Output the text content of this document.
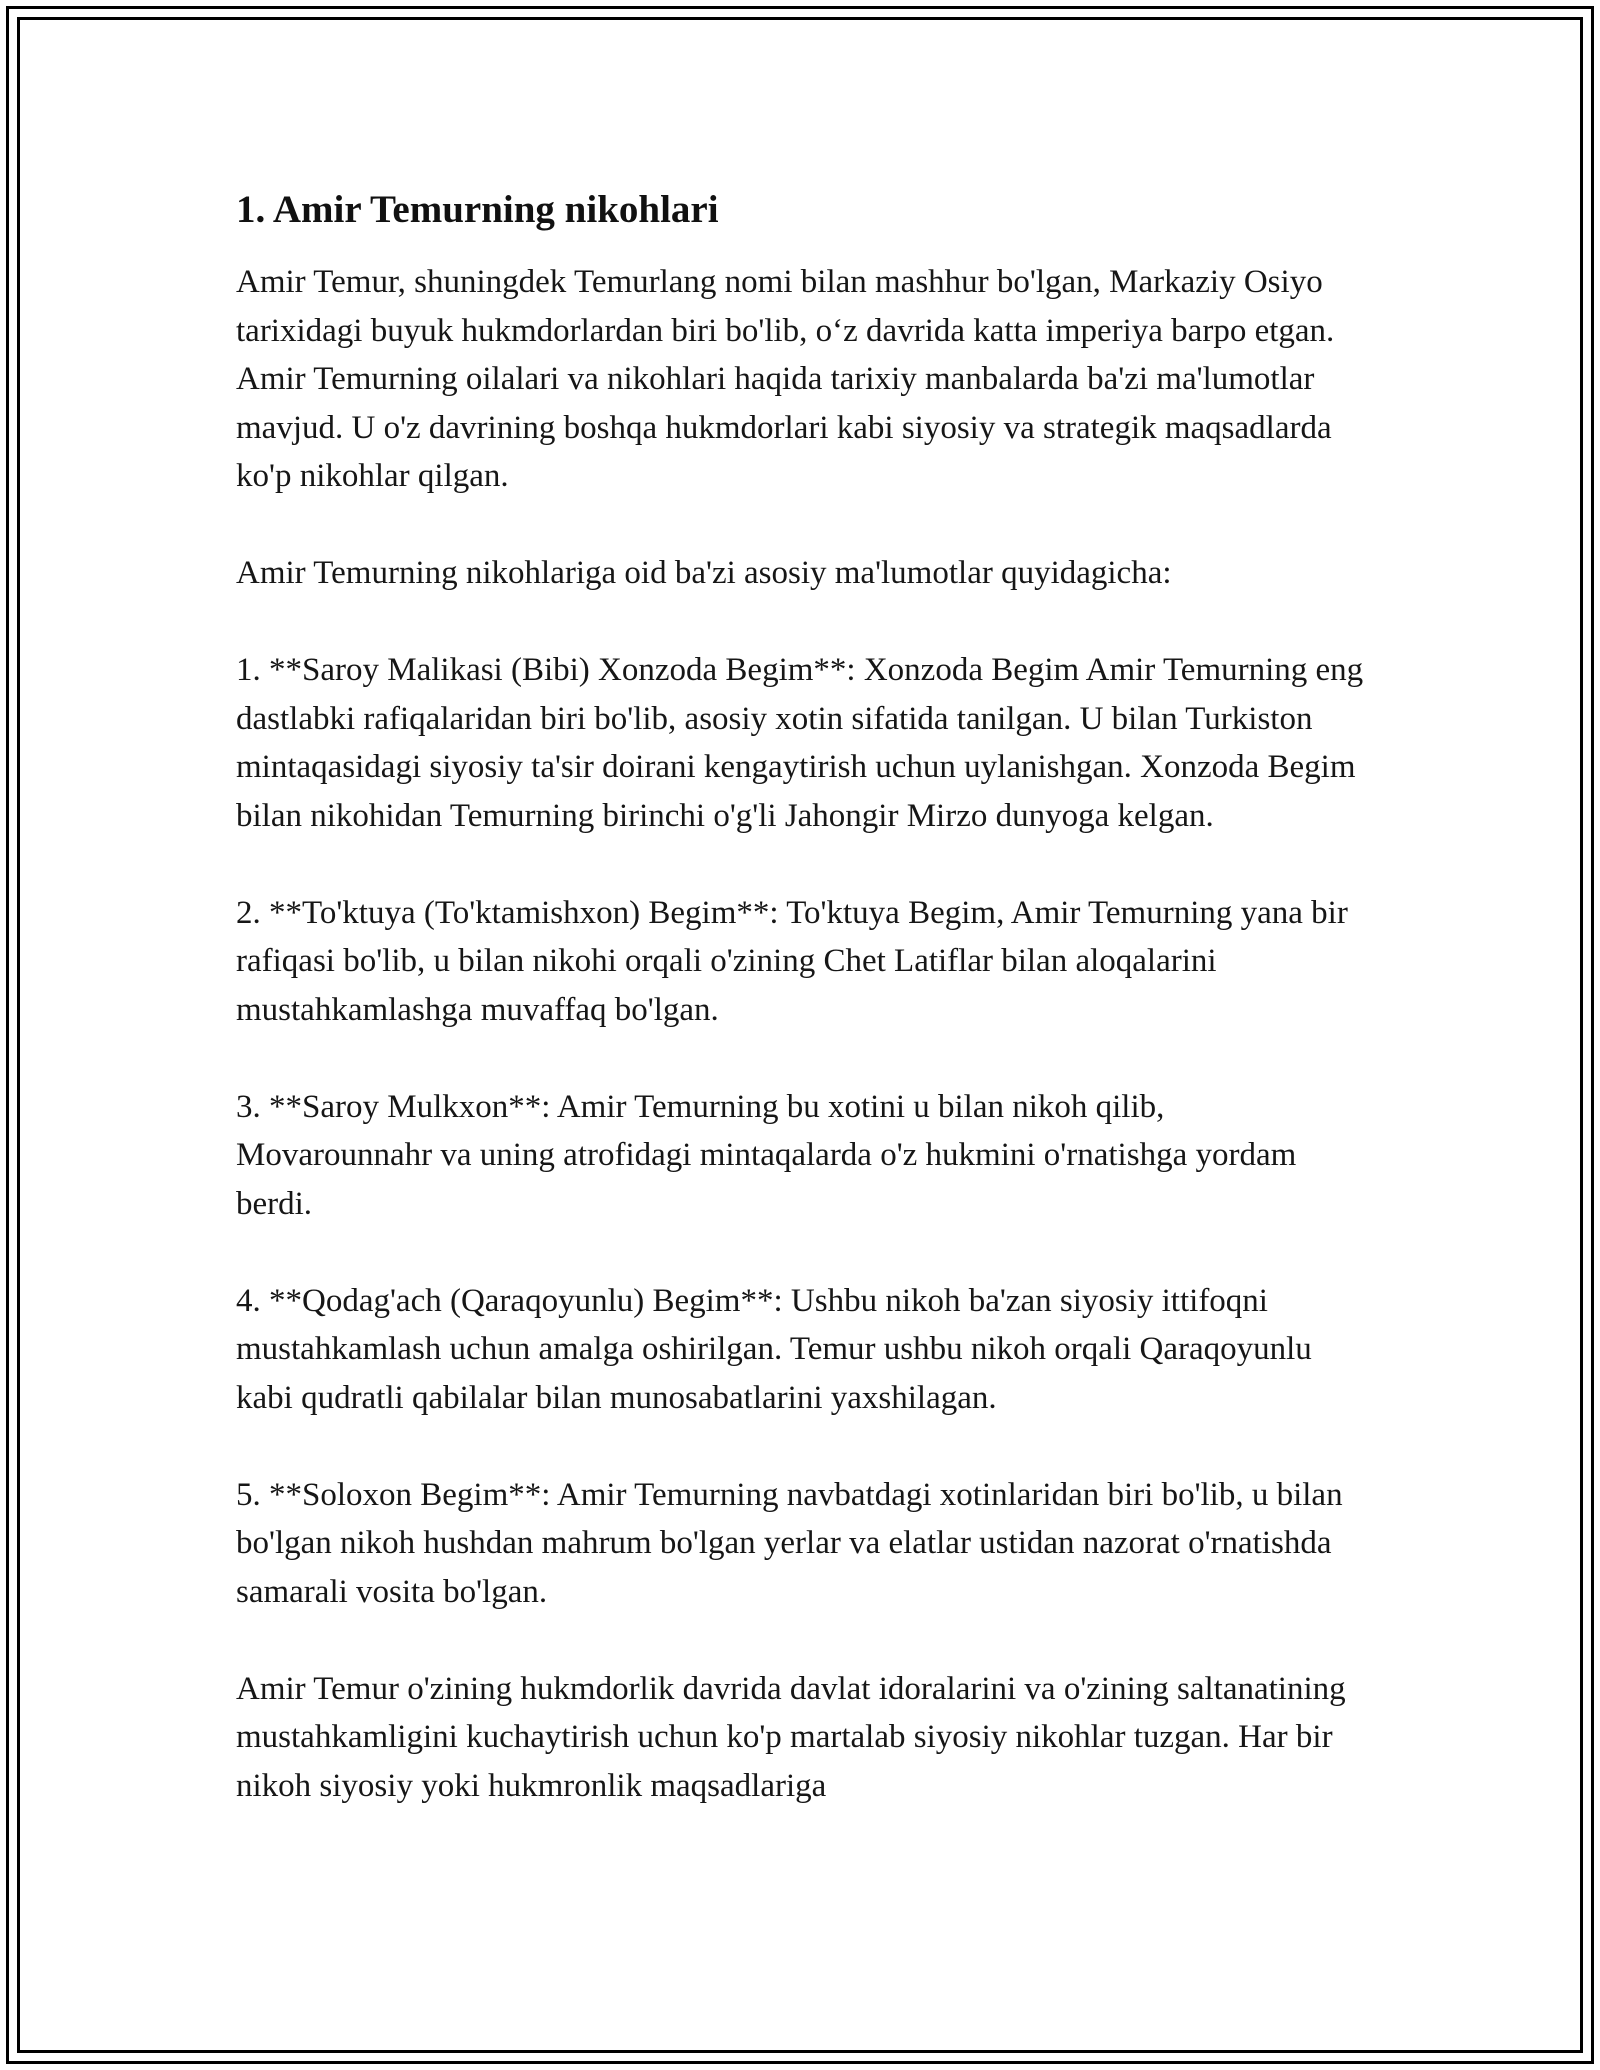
1. Amir Temurning nikohlari

Amir Temur, shuningdek Temurlang nomi bilan mashhur bo'lgan, Markaziy Osiyo tarixidagi buyuk hukmdorlardan biri bo'lib, o‘z davrida katta imperiya barpo etgan. Amir Temurning oilalari va nikohlari haqida tarixiy manbalarda ba'zi ma'lumotlar mavjud. U o'z davrining boshqa hukmdorlari kabi siyosiy va strategik maqsadlarda ko'p nikohlar qilgan.

Amir Temurning nikohlariga oid ba'zi asosiy ma'lumotlar quyidagicha:

1. **Saroy Malikasi (Bibi) Xonzoda Begim**: Xonzoda Begim Amir Temurning eng dastlabki rafiqalaridan biri bo'lib, asosiy xotin sifatida tanilgan. U bilan Turkiston mintaqasidagi siyosiy ta'sir doirani kengaytirish uchun uylanishgan. Xonzoda Begim bilan nikohidan Temurning birinchi o'g'li Jahongir Mirzo dunyoga kelgan.

2. **To'ktuya (To'ktamishxon) Begim**: To'ktuya Begim, Amir Temurning yana bir rafiqasi bo'lib, u bilan nikohi orqali o'zining Chet Latiflar bilan aloqalarini mustahkamlashga muvaffaq bo'lgan.

3. **Saroy Mulkxon**: Amir Temurning bu xotini u bilan nikoh qilib, Movarounnahr va uning atrofidagi mintaqalarda o'z hukmini o'rnatishga yordam berdi.

4. **Qodag'ach (Qaraqoyunlu) Begim**: Ushbu nikoh ba'zan siyosiy ittifoqni mustahkamlash uchun amalga oshirilgan. Temur ushbu nikoh orqali Qaraqoyunlu kabi qudratli qabilalar bilan munosabatlarini yaxshilagan.

5. **Soloxon Begim**: Amir Temurning navbatdagi xotinlaridan biri bo'lib, u bilan bo'lgan nikoh hushdan mahrum bo'lgan yerlar va elatlar ustidan nazorat o'rnatishda samarali vosita bo'lgan.

Amir Temur o'zining hukmdorlik davrida davlat idoralarini va o'zining saltanatining mustahkamligini kuchaytirish uchun ko'p martalab siyosiy nikohlar tuzgan. Har bir nikoh siyosiy yoki hukmronlik maqsadlariga
